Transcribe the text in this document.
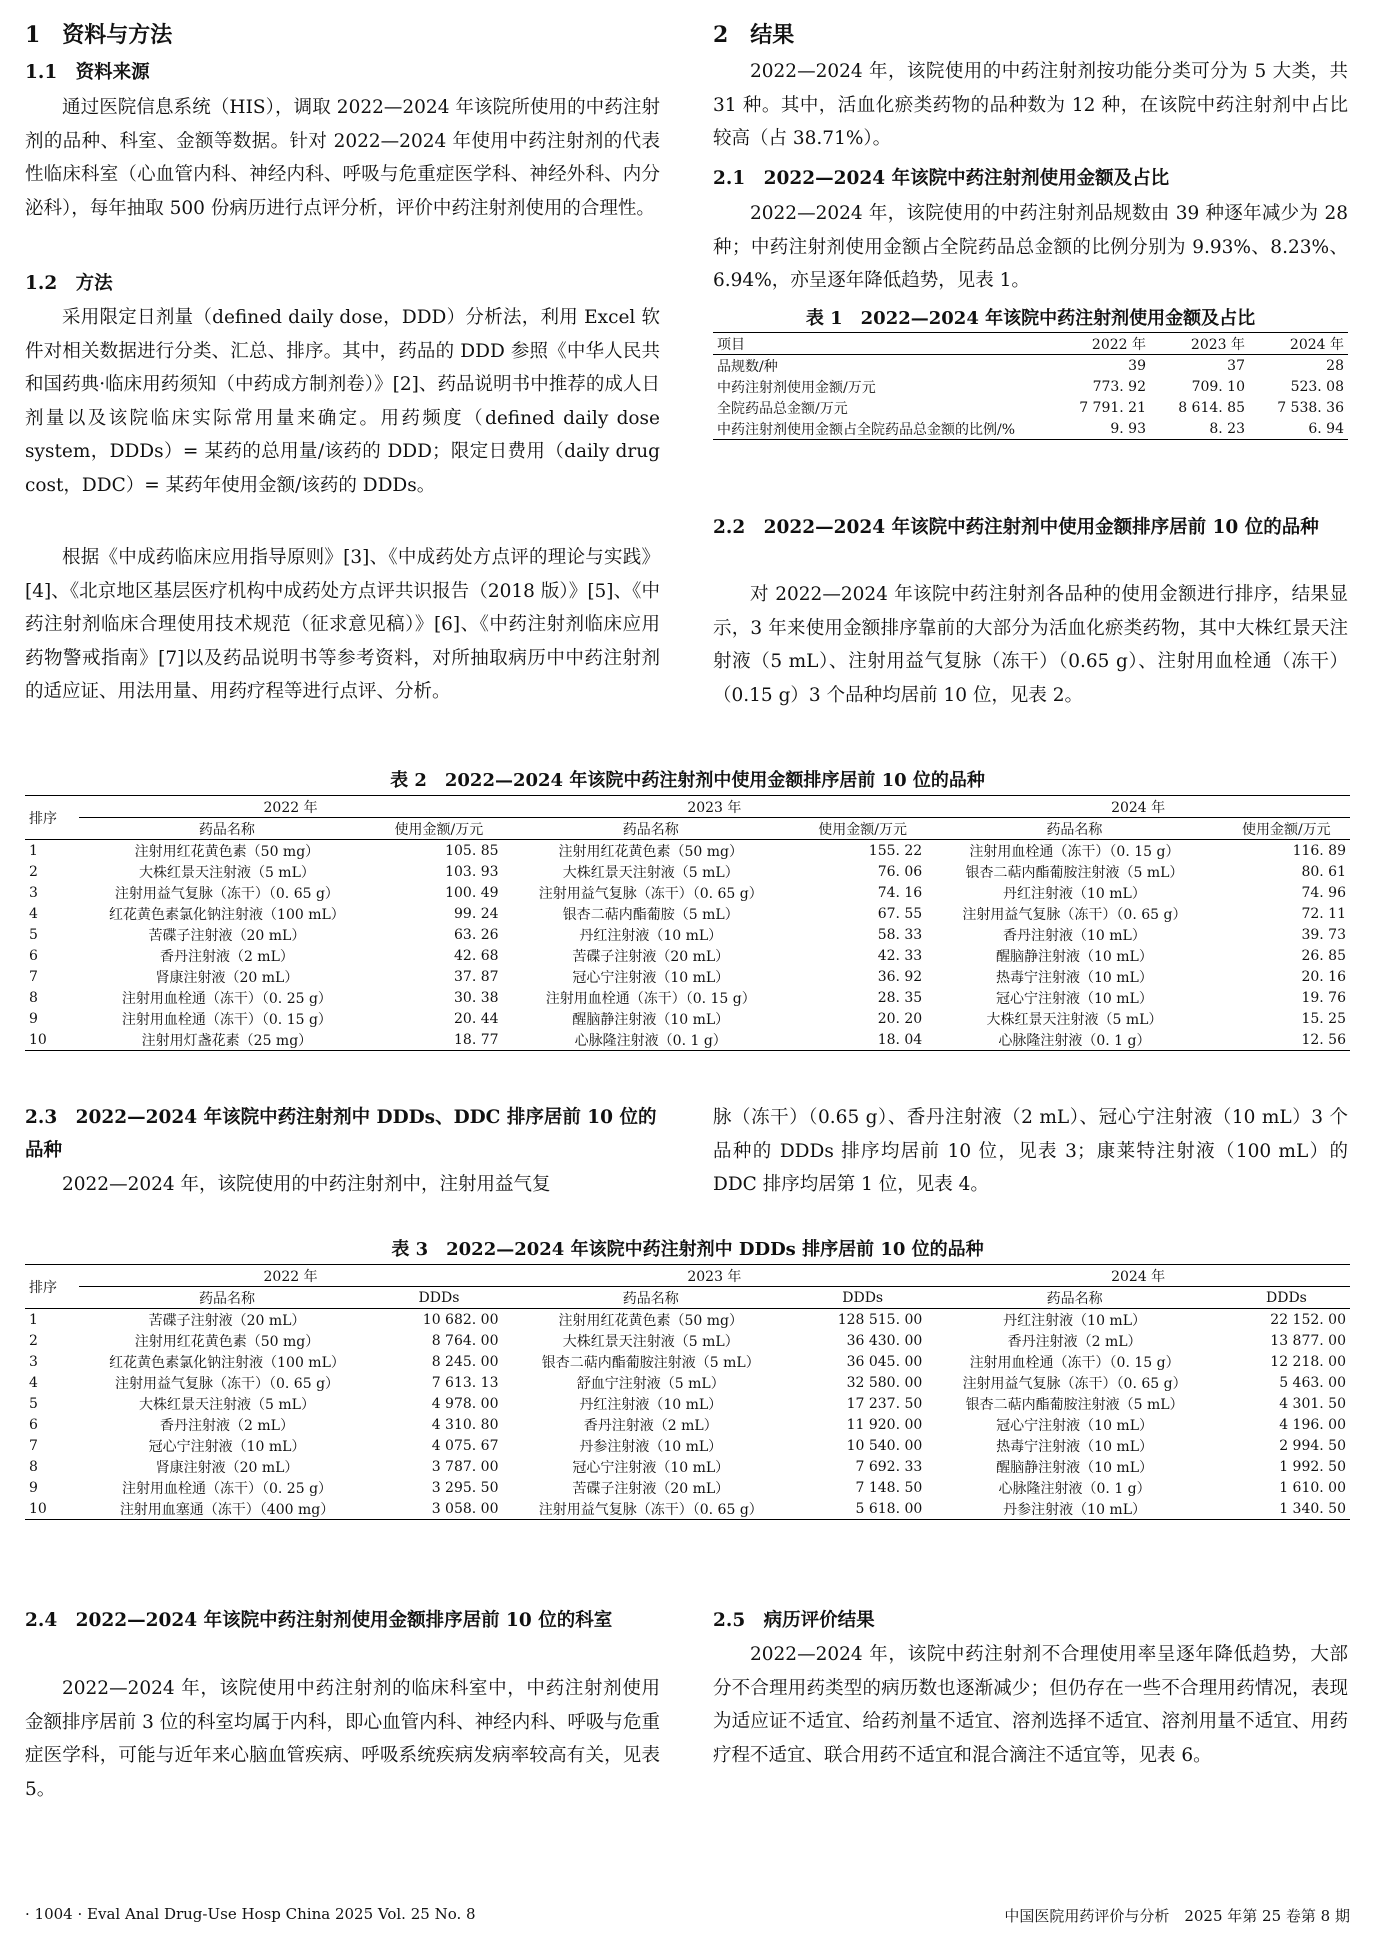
1　资料与方法
1.1　资料来源

通过医院信息系统（HIS），调取 2022—2024 年该院所使用的中药注射剂的品种、科室、金额等数据。针对 2022—2024 年使用中药注射剂的代表性临床科室（心血管内科、神经内科、呼吸与危重症医学科、神经外科、内分泌科），每年抽取 500 份病历进行点评分析，评价中药注射剂使用的合理性。

1.2　方法

采用限定日剂量（defined daily dose，DDD）分析法，利用 Excel 软件对相关数据进行分类、汇总、排序。其中，药品的 DDD 参照《中华人民共和国药典·临床用药须知（中药成方制剂卷）》[2]、药品说明书中推荐的成人日剂量以及该院临床实际常用量来确定。用药频度（defined daily dose system，DDDs）= 某药的总用量/该药的 DDD；限定日费用（daily drug cost，DDC）= 某药年使用金额/该药的 DDDs。

根据《中成药临床应用指导原则》[3]、《中成药处方点评的理论与实践》[4]、《北京地区基层医疗机构中成药处方点评共识报告（2018 版）》[5]、《中药注射剂临床合理使用技术规范（征求意见稿）》[6]、《中药注射剂临床应用药物警戒指南》[7]以及药品说明书等参考资料，对所抽取病历中中药注射剂的适应证、用法用量、用药疗程等进行点评、分析。

2　结果

2022—2024 年，该院使用的中药注射剂按功能分类可分为 5 大类，共 31 种。其中，活血化瘀类药物的品种数为 12 种，在该院中药注射剂中占比较高（占 38.71%）。

2.1　2022—2024 年该院中药注射剂使用金额及占比

2022—2024 年，该院使用的中药注射剂品规数由 39 种逐年减少为 28 种；中药注射剂使用金额占全院药品总金额的比例分别为 9.93%、8.23%、6.94%，亦呈逐年降低趋势，见表 1。

表 1　2022—2024 年该院中药注射剂使用金额及占比
项目	2022 年	2023 年	2024 年
品规数/种	39	37	28
中药注射剂使用金额/万元	773. 92	709. 10	523. 08
全院药品总金额/万元	7 791. 21	8 614. 85	7 538. 36
中药注射剂使用金额占全院药品总金额的比例/%	9. 93	8. 23	6. 94
2.2　2022—2024 年该院中药注射剂中使用金额排序居前 10 位的品种

对 2022—2024 年该院中药注射剂各品种的使用金额进行排序，结果显示，3 年来使用金额排序靠前的大部分为活血化瘀类药物，其中大株红景天注射液（5 mL）、注射用益气复脉（冻干）（0.65 g）、注射用血栓通（冻干）（0.15 g）3 个品种均居前 10 位，见表 2。

表 2　2022—2024 年该院中药注射剂中使用金额排序居前 10 位的品种
排序	2022 年		2023 年		2024 年	
	药品名称	使用金额/万元	药品名称	使用金额/万元	药品名称	使用金额/万元
1	注射用红花黄色素（50 mg）	105. 85	注射用红花黄色素（50 mg）	155. 22	注射用血栓通（冻干）（0. 15 g）	116. 89
2	大株红景天注射液（5 mL）	103. 93	大株红景天注射液（5 mL）	76. 06	银杏二萜内酯葡胺注射液（5 mL）	80. 61
3	注射用益气复脉（冻干）（0. 65 g）	100. 49	注射用益气复脉（冻干）（0. 65 g）	74. 16	丹红注射液（10 mL）	74. 96
4	红花黄色素氯化钠注射液（100 mL）	99. 24	银杏二萜内酯葡胺（5 mL）	67. 55	注射用益气复脉（冻干）（0. 65 g）	72. 11
5	苦碟子注射液（20 mL）	63. 26	丹红注射液（10 mL）	58. 33	香丹注射液（10 mL）	39. 73
6	香丹注射液（2 mL）	42. 68	苦碟子注射液（20 mL）	42. 33	醒脑静注射液（10 mL）	26. 85
7	肾康注射液（20 mL）	37. 87	冠心宁注射液（10 mL）	36. 92	热毒宁注射液（10 mL）	20. 16
8	注射用血栓通（冻干）（0. 25 g）	30. 38	注射用血栓通（冻干）（0. 15 g）	28. 35	冠心宁注射液（10 mL）	19. 76
9	注射用血栓通（冻干）（0. 15 g）	20. 44	醒脑静注射液（10 mL）	20. 20	大株红景天注射液（5 mL）	15. 25
10	注射用灯盏花素（25 mg）	18. 77	心脉隆注射液（0. 1 g）	18. 04	心脉隆注射液（0. 1 g）	12. 56
2.3　2022—2024 年该院中药注射剂中 DDDs、DDC 排序居前 10 位的品种

2022—2024 年，该院使用的中药注射剂中，注射用益气复

脉（冻干）（0.65 g）、香丹注射液（2 mL）、冠心宁注射液（10 mL）3 个品种的 DDDs 排序均居前 10 位，见表 3；康莱特注射液（100 mL）的 DDC 排序均居第 1 位，见表 4。

表 3　2022—2024 年该院中药注射剂中 DDDs 排序居前 10 位的品种
排序	2022 年		2023 年		2024 年	
	药品名称	DDDs	药品名称	DDDs	药品名称	DDDs
1	苦碟子注射液（20 mL）	10 682. 00	注射用红花黄色素（50 mg）	128 515. 00	丹红注射液（10 mL）	22 152. 00
2	注射用红花黄色素（50 mg）	8 764. 00	大株红景天注射液（5 mL）	36 430. 00	香丹注射液（2 mL）	13 877. 00
3	红花黄色素氯化钠注射液（100 mL）	8 245. 00	银杏二萜内酯葡胺注射液（5 mL）	36 045. 00	注射用血栓通（冻干）（0. 15 g）	12 218. 00
4	注射用益气复脉（冻干）（0. 65 g）	7 613. 13	舒血宁注射液（5 mL）	32 580. 00	注射用益气复脉（冻干）（0. 65 g）	5 463. 00
5	大株红景天注射液（5 mL）	4 978. 00	丹红注射液（10 mL）	17 237. 50	银杏二萜内酯葡胺注射液（5 mL）	4 301. 50
6	香丹注射液（2 mL）	4 310. 80	香丹注射液（2 mL）	11 920. 00	冠心宁注射液（10 mL）	4 196. 00
7	冠心宁注射液（10 mL）	4 075. 67	丹参注射液（10 mL）	10 540. 00	热毒宁注射液（10 mL）	2 994. 50
8	肾康注射液（20 mL）	3 787. 00	冠心宁注射液（10 mL）	7 692. 33	醒脑静注射液（10 mL）	1 992. 50
9	注射用血栓通（冻干）（0. 25 g）	3 295. 50	苦碟子注射液（20 mL）	7 148. 50	心脉隆注射液（0. 1 g）	1 610. 00
10	注射用血塞通（冻干）（400 mg）	3 058. 00	注射用益气复脉（冻干）（0. 65 g）	5 618. 00	丹参注射液（10 mL）	1 340. 50
2.4　2022—2024 年该院中药注射剂使用金额排序居前 10 位的科室

2022—2024 年，该院使用中药注射剂的临床科室中，中药注射剂使用金额排序居前 3 位的科室均属于内科，即心血管内科、神经内科、呼吸与危重症医学科，可能与近年来心脑血管疾病、呼吸系统疾病发病率较高有关，见表 5。

2.5　病历评价结果

2022—2024 年，该院中药注射剂不合理使用率呈逐年降低趋势，大部分不合理用药类型的病历数也逐渐减少；但仍存在一些不合理用药情况，表现为适应证不适宜、给药剂量不适宜、溶剂选择不适宜、溶剂用量不适宜、用药疗程不适宜、联合用药不适宜和混合滴注不适宜等，见表 6。

· 1004 · Eval Anal Drug-Use Hosp China 2025 Vol. 25 No. 8	中国医院用药评价与分析　2025 年第 25 卷第 8 期
